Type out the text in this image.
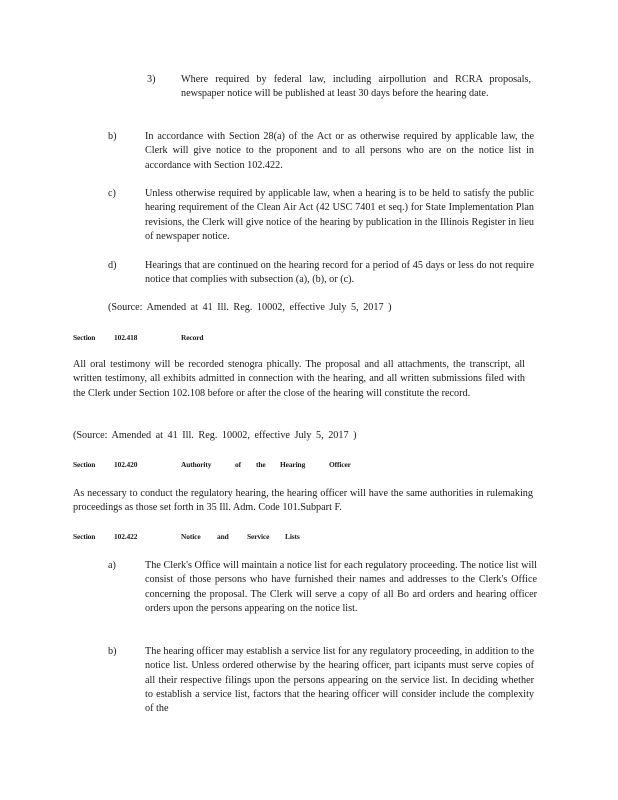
3)	Where required by federal law, including airpollution and RCRA proposals, newspaper notice will be published at least 30 days before the hearing date.
b)	In accordance with Section 28(a) of the Act or as otherwise required by applicable law, the Clerk will give notice to the proponent and to all persons who are on the notice list in accordance with Section 102.422.
c)	Unless otherwise required by applicable law, when a hearing is to be held to satisfy the public hearing requirement of the Clean Air Act (42 USC 7401 et seq.) for State Implementation Plan revisions, the Clerk will give notice of the hearing by publication in the Illinois Register in lieu of newspaper notice.
d)	Hearings that are continued on the hearing record for a period of 45 days or less do not require notice that complies with subsection (a), (b), or (c).
(Source: Amended at 41 Ill. Reg. 10002, effective July 5, 2017 )
Section	102.418	Record
All oral testimony will be recorded stenogra phically. The proposal and all attachments, the transcript, all written testimony, all exhibits admitted in connection with the hearing, and all written submissions filed with the Clerk under Section 102.108 before or after the close of the hearing will constitute the record.
(Source: Amended at 41 Ill. Reg. 10002, effective July 5, 2017 )
Section	102.420	Authority	of the Hearing	Officer
As necessary to conduct the regulatory hearing, the hearing officer will have the same authorities in rulemaking proceedings as those set forth in 35 Ill. Adm. Code 101.Subpart F.
Section	102.422	Notice and Service Lists
a)	The Clerk's Office will maintain a notice list for each regulatory proceeding. The notice list will consist of those persons who have furnished their names and addresses to the Clerk's Office concerning the proposal. The Clerk will serve a copy of all Bo ard orders and hearing officer orders upon the persons appearing on the notice list.
b)	The hearing officer may establish a service list for any regulatory proceeding, in addition to the notice list. Unless ordered otherwise by the hearing officer, part icipants must serve copies of all their respective filings upon the persons appearing on the service list. In deciding whether to establish a service list, factors that the hearing officer will consider include the complexity of the
